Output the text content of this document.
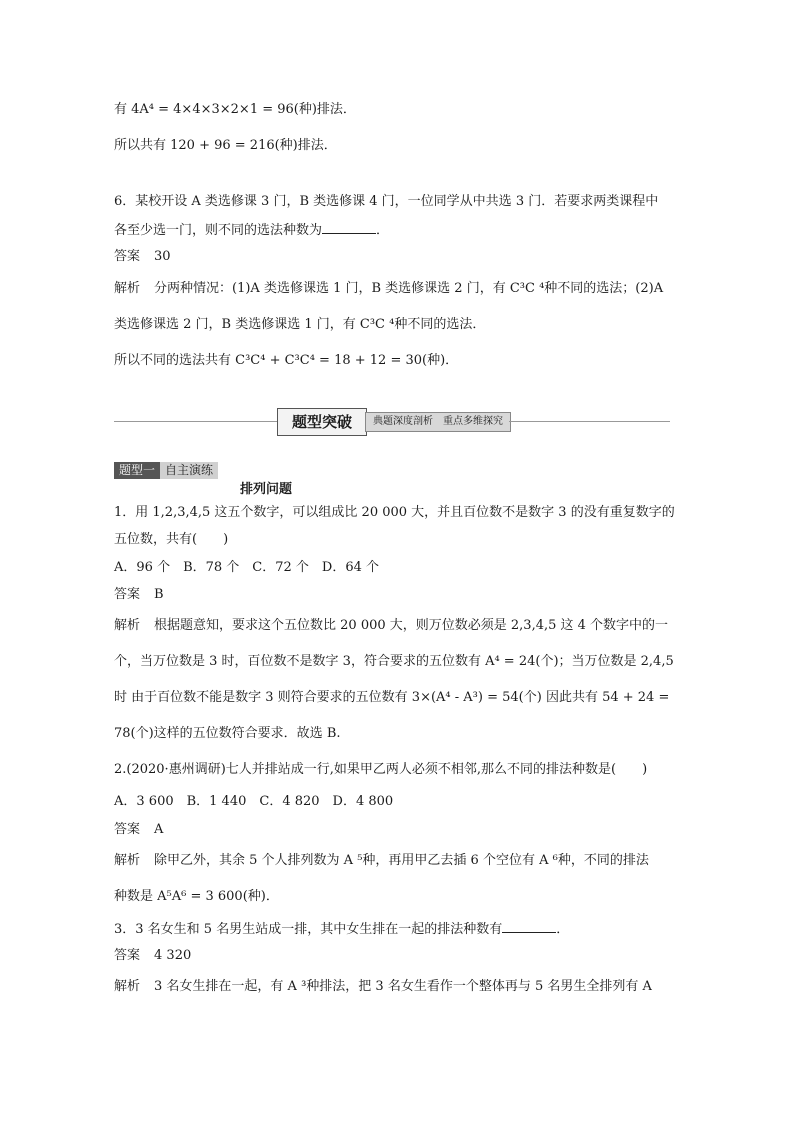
有 4A⁴ = 4×4×3×2×1 = 96(种)排法．
所以共有 120 + 96 = 216(种)排法．
6．某校开设 A 类选修课 3 门，B 类选修课 4 门，一位同学从中共选 3 门．若要求两类课程中
各至少选一门，则不同的选法种数为	．
答案 30
解析 分两种情况：(1)A 类选修课选 1 门，B 类选修课选 2 门，有 C³C ⁴种不同的选法；(2)A
类选修课选 2 门，B 类选修课选 1 门，有 C³C ⁴种不同的选法．
所以不同的选法共有 C³C⁴ + C³C⁴ = 18 + 12 = 30(种)．
题型突破	典题深度剖析　重点多维探究
题型一 自主演练
排列问题
1．用 1,2,3,4,5 这五个数字，可以组成比 20 000 大，并且百位数不是数字 3 的没有重复数字的
五位数，共有(　　)
A．96 个　B．78 个　C．72 个　D．64 个
答案 B
解析 根据题意知，要求这个五位数比 20 000 大，则万位数必须是 2,3,4,5 这 4 个数字中的一
个，当万位数是 3 时，百位数不是数字 3，符合要求的五位数有 A⁴ = 24(个)；当万位数是 2,4,5
时 由于百位数不能是数字 3 则符合要求的五位数有 3×(A⁴ - A³) = 54(个) 因此共有 54 + 24 =
78(个)这样的五位数符合要求．故选 B.
2.(2020·惠州调研)七人并排站成一行,如果甲乙两人必须不相邻,那么不同的排法种数是(　　)
A．3 600　B．1 440　C．4 820　D．4 800
答案 A
解析 除甲乙外，其余 5 个人排列数为 A ⁵种，再用甲乙去插 6 个空位有 A ⁶种，不同的排法
种数是 A⁵A⁶ = 3 600(种)．
3．3 名女生和 5 名男生站成一排，其中女生排在一起的排法种数有	．
答案 4 320
解析 3 名女生排在一起，有 A ³种排法，把 3 名女生看作一个整体再与 5 名男生全排列有 A
